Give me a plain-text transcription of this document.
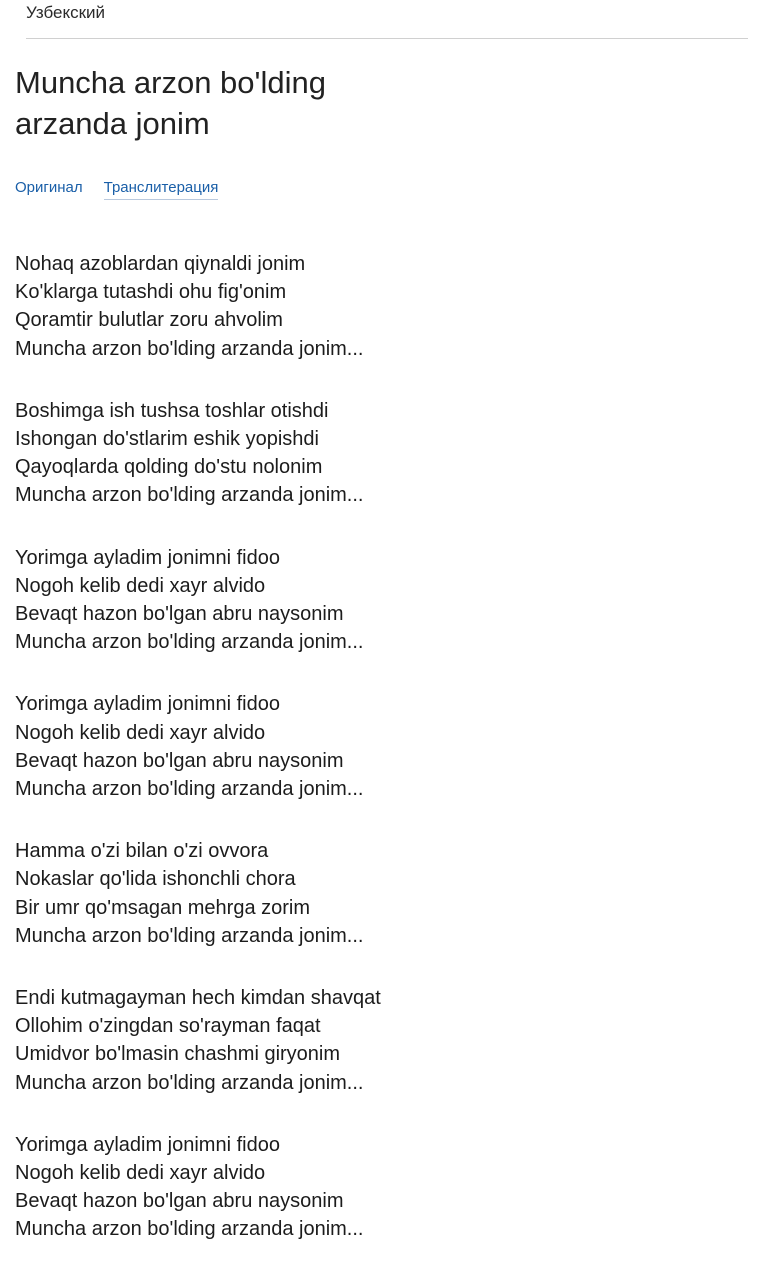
Узбекский
Muncha arzon bo'lding arzanda jonim
Оригинал Транслитерация
Nohaq azoblardan qiynaldi jonim
Ko'klarga tutashdi ohu fig'onim
Qoramtir bulutlar zoru ahvolim
Muncha arzon bo'lding arzanda jonim...
Boshimga ish tushsa toshlar otishdi
Ishongan do'stlarim eshik yopishdi
Qayoqlarda qolding do'stu nolonim
Muncha arzon bo'lding arzanda jonim...
Yorimga ayladim jonimni fidoo
Nogoh kelib dedi xayr alvido
Bevaqt hazon bo'lgan abru naysonim
Muncha arzon bo'lding arzanda jonim...
Yorimga ayladim jonimni fidoo
Nogoh kelib dedi xayr alvido
Bevaqt hazon bo'lgan abru naysonim
Muncha arzon bo'lding arzanda jonim...
Hamma o'zi bilan o'zi ovvora
Nokaslar qo'lida ishonchli chora
Bir umr qo'msagan mehrga zorim
Muncha arzon bo'lding arzanda jonim...
Endi kutmagayman hech kimdan shavqat
Ollohim o'zingdan so'rayman faqat
Umidvor bo'lmasin chashmi giryonim
Muncha arzon bo'lding arzanda jonim...
Yorimga ayladim jonimni fidoo
Nogoh kelib dedi xayr alvido
Bevaqt hazon bo'lgan abru naysonim
Muncha arzon bo'lding arzanda jonim...
